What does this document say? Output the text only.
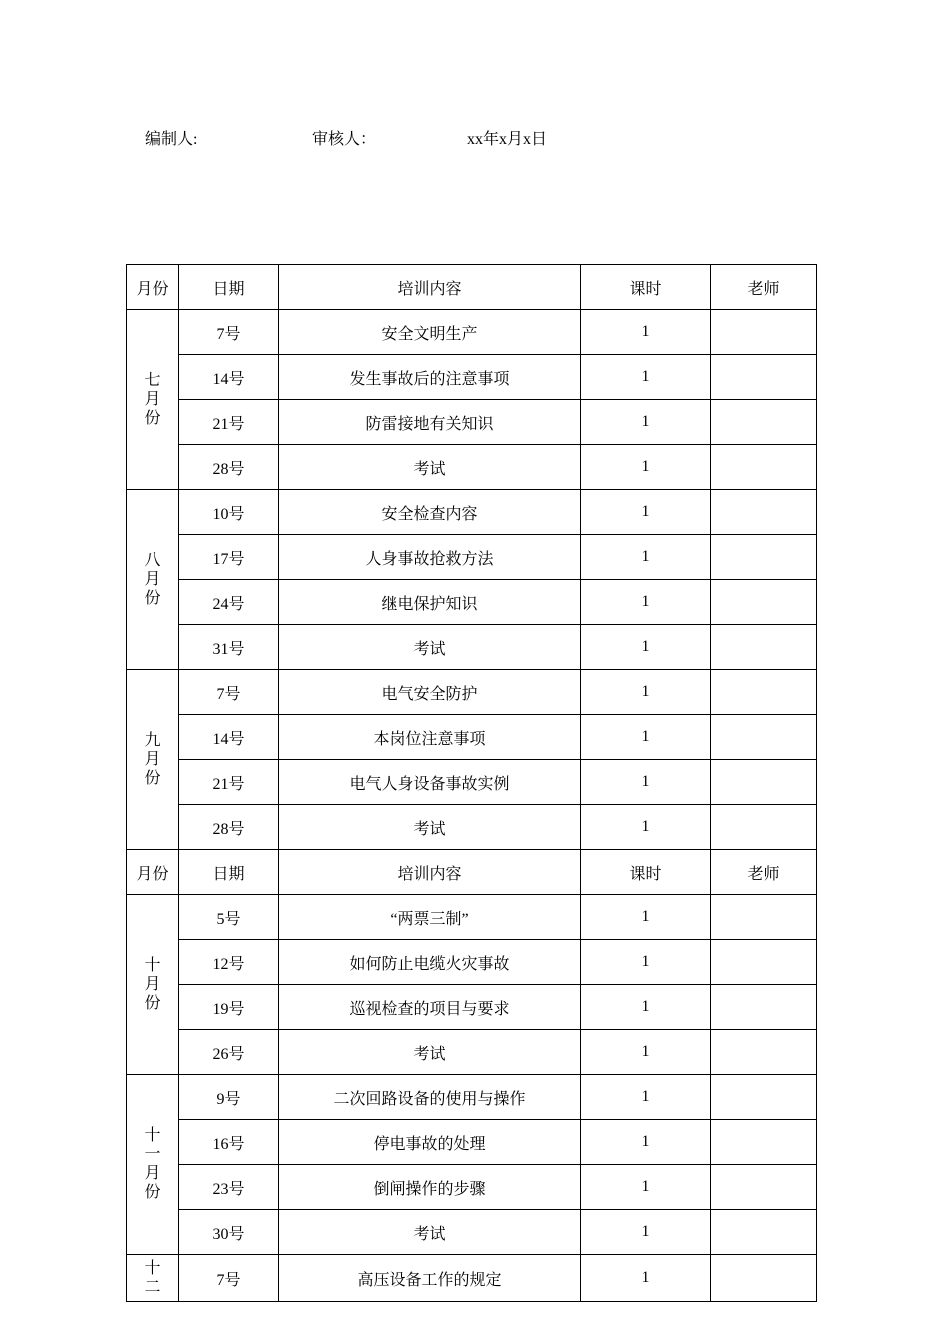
编制人:	审核人：	xx年x月x日
月份	日期	培训内容	课时	老师

七月份	7号	安全文明生产	1	
	14号	发生事故后的注意事项	1	
	21号	防雷接地有关知识	1	
	28号	考试	1	

八月份	10号	安全检查内容	1	
	17号	人身事故抢救方法	1	
	24号	继电保护知识	1	
	31号	考试	1	

九月份	7号	电气安全防护	1	
	14号	本岗位注意事项	1	
	21号	电气人身设备事故实例	1	
	28号	考试	1	
月份	日期	培训内容	课时	老师

十月份	5号	“两票三制”	1	
	12号	如何防止电缆火灾事故	1	
	19号	巡视检查的项目与要求	1	
	26号	考试	1	

十一月份	9号	二次回路设备的使用与操作	1	
	16号	停电事故的处理	1	
	23号	倒闸操作的步骤	1	
	30号	考试	1	

十二	7号	高压设备工作的规定	1	
